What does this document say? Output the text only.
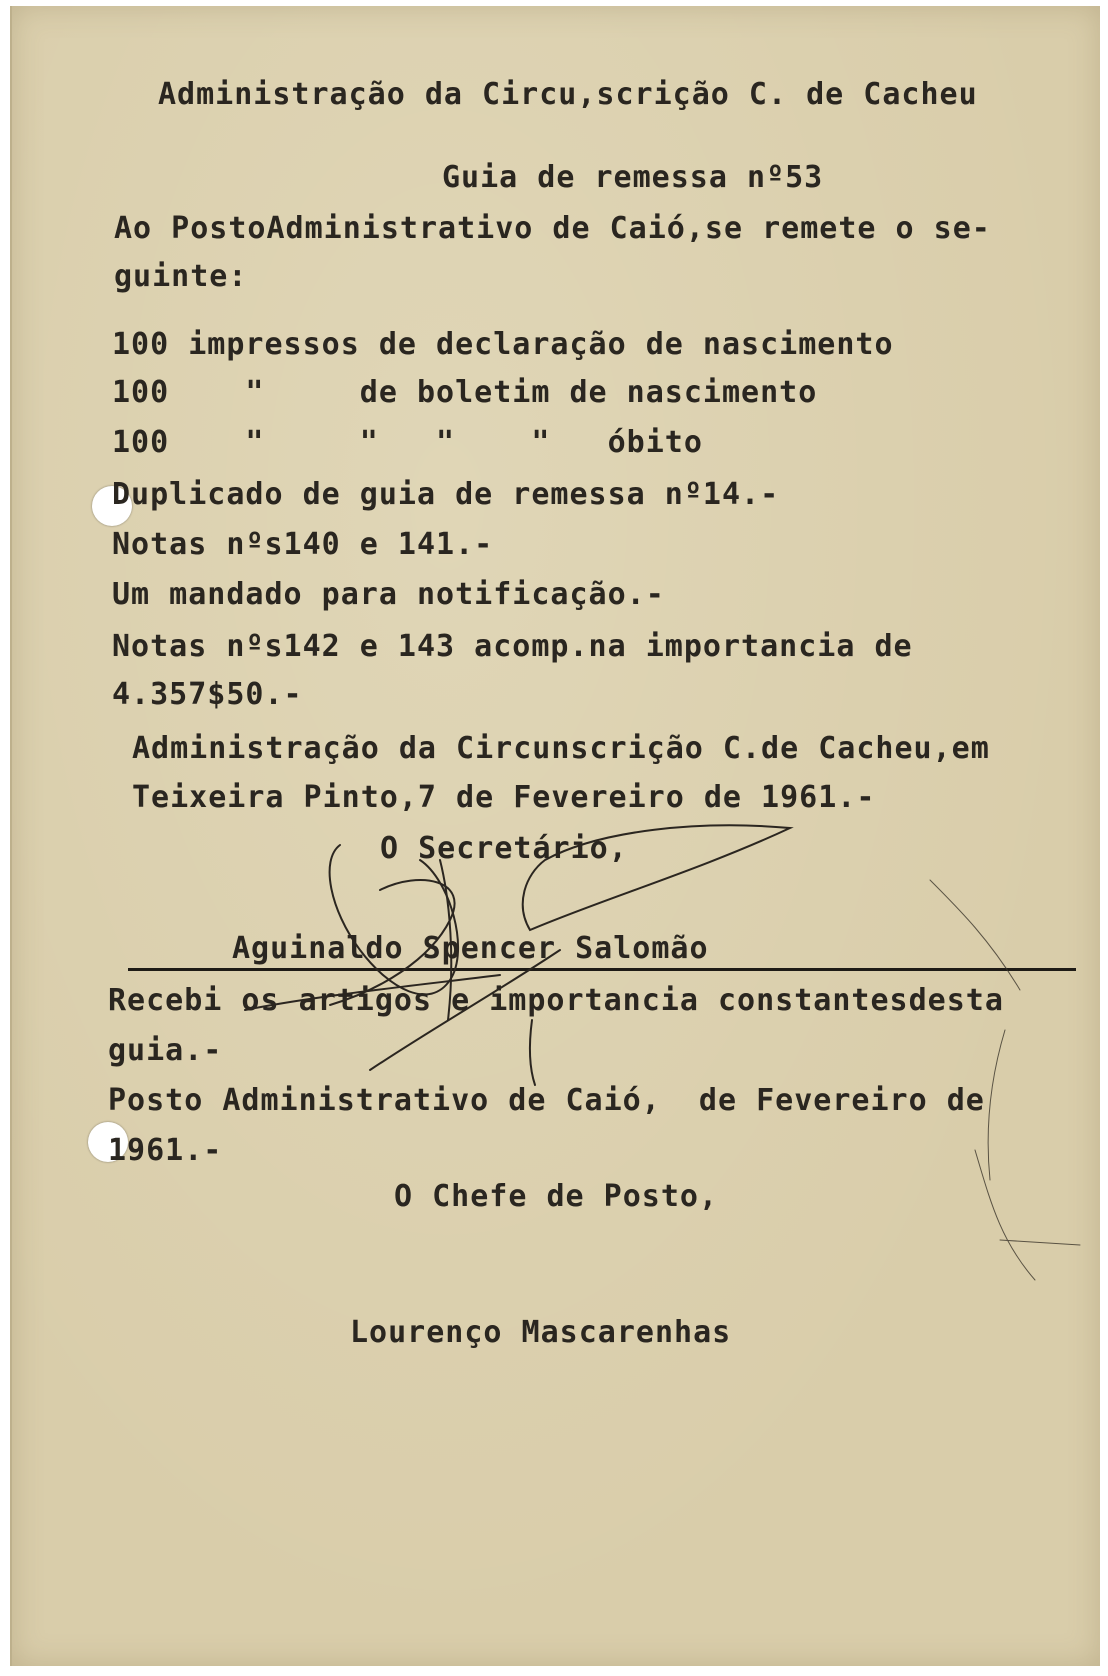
Administração da Circu,scrição C. de Cacheu
Guia de remessa nº53
Ao PostoAdministrativo de Caió,se remete o se-
guinte:
100 impressos de declaração de nascimento
100    "     de boletim de nascimento
100    "     "   "    "   óbito
Duplicado de guia de remessa nº14.-
Notas nºs140 e 141.-
Um mandado para notificação.-
Notas nºs142 e 143 acomp.na importancia de
4.357$50.-
Administração da Circunscrição C.de Cacheu,em
Teixeira Pinto,7 de Fevereiro de 1961.-
O Secretário,
Aguinaldo Spencer Salomão
Recebi os artigos e importancia constantesdesta
guia.-
Posto Administrativo de Caió,  de Fevereiro de
1961.-
O Chefe de Posto,
Lourenço Mascarenhas
